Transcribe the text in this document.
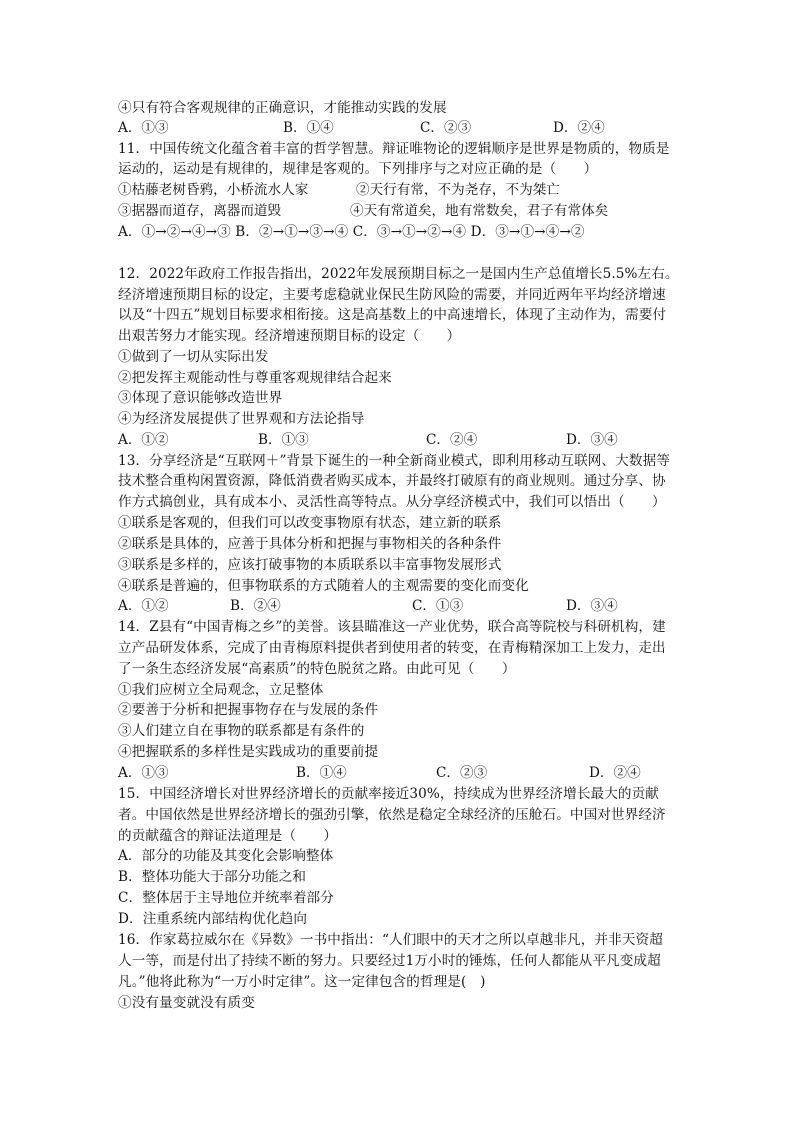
④只有符合客观规律的正确意识，才能推动实践的发展
A．①③	B．①④	C．②③	D．②④
11．中国传统文化蕴含着丰富的哲学智慧。辩证唯物论的逻辑顺序是世界是物质的，物质是
运动的，运动是有规律的，规律是客观的。下列排序与之对应正确的是（　　）
①枯藤老树昏鸦，小桥流水人家	②天行有常，不为尧存，不为桀亡
③据器而道存，离器而道毁	④天有常道矣，地有常数矣，君子有常体矣
A．①→②→④→③ B．②→①→③→④ C．③→①→②→④ D．③→①→④→②
12．2022年政府工作报告指出，2022年发展预期目标之一是国内生产总值增长5.5%左右。
经济增速预期目标的设定，主要考虑稳就业保民生防风险的需要，并同近两年平均经济增速
以及“十四五”规划目标要求相衔接。这是高基数上的中高速增长，体现了主动作为，需要付
出艰苦努力才能实现。经济增速预期目标的设定（　　）
①做到了一切从实际出发
②把发挥主观能动性与尊重客观规律结合起来
③体现了意识能够改造世界
④为经济发展提供了世界观和方法论指导
A．①②	B．①③	C．②④	D．③④
13．分享经济是“互联网＋”背景下诞生的一种全新商业模式，即利用移动互联网、大数据等
技术整合重构闲置资源，降低消费者购买成本，并最终打破原有的商业规则。通过分享、协
作方式搞创业，具有成本小、灵活性高等特点。从分享经济模式中，我们可以悟出（　　）
①联系是客观的，但我们可以改变事物原有状态，建立新的联系
②联系是具体的，应善于具体分析和把握与事物相关的各种条件
③联系是多样的，应该打破事物的本质联系以丰富事物发展形式
④联系是普遍的，但事物联系的方式随着人的主观需要的变化而变化
A．①②	B．②④	C．①③	D．③④
14．Z县有“中国青梅之乡”的美誉。该县瞄准这一产业优势，联合高等院校与科研机构，建
立产品研发体系，完成了由青梅原料提供者到使用者的转变，在青梅精深加工上发力，走出
了一条生态经济发展“高素质”的特色脱贫之路。由此可见（　　）
①我们应树立全局观念，立足整体
②要善于分析和把握事物存在与发展的条件
③人们建立自在事物的联系都是有条件的
④把握联系的多样性是实践成功的重要前提
A．①③	B．①④	C．②③	D．②④
15．中国经济增长对世界经济增长的贡献率接近30%，持续成为世界经济增长最大的贡献
者。中国依然是世界经济增长的强劲引擎，依然是稳定全球经济的压舱石。中国对世界经济
的贡献蕴含的辩证法道理是（　　）
A．部分的功能及其变化会影响整体
B．整体功能大于部分功能之和
C．整体居于主导地位并统率着部分
D．注重系统内部结构优化趋向
16．作家葛拉威尔在《异数》一书中指出：“人们眼中的天才之所以卓越非凡，并非天资超
人一等，而是付出了持续不断的努力。只要经过1万小时的锤炼，任何人都能从平凡变成超
凡。”他将此称为“一万小时定律”。这一定律包含的哲理是(　)
①没有量变就没有质变
